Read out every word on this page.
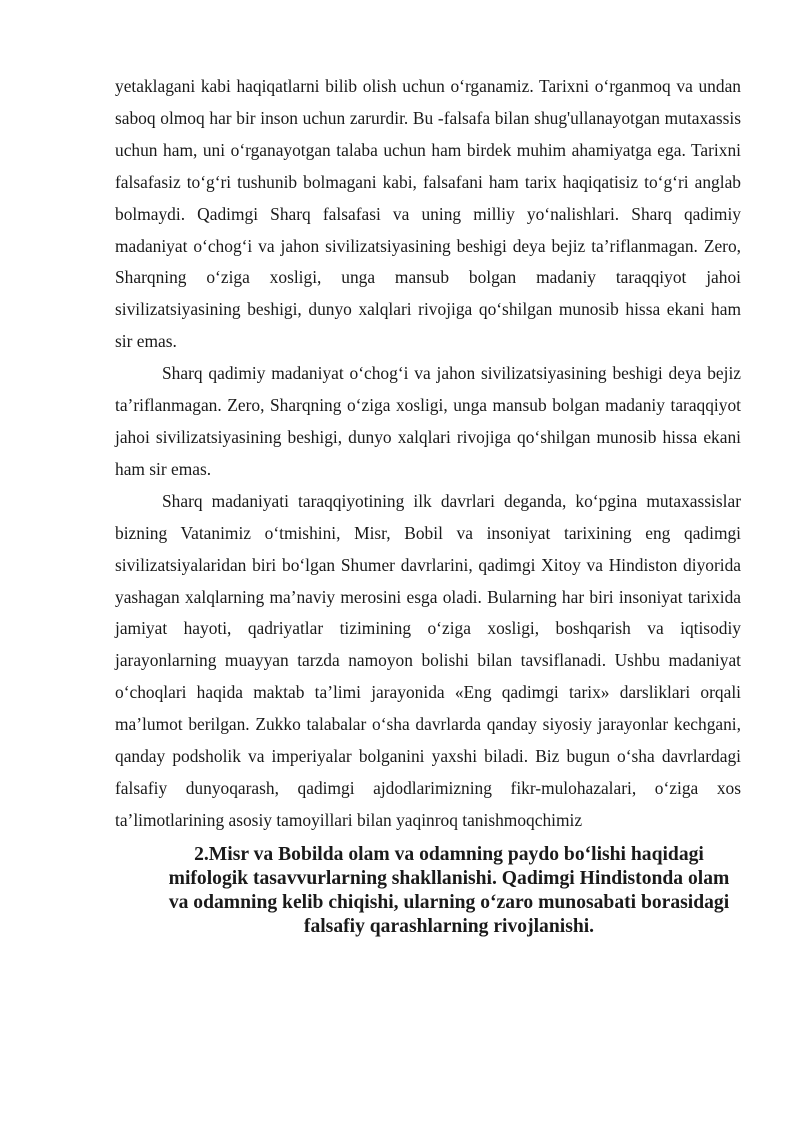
yetaklagani kabi haqiqatlarni bilib olish uchun o‘rganamiz. Tarixni o‘rganmoq va undan saboq olmoq har bir inson uchun zarurdir. Bu -falsafa bilan shug'ullanayotgan mutaxassis uchun ham, uni o‘rganayotgan talaba uchun ham birdek muhim ahamiyatga ega. Tarixni falsafasiz to‘g‘ri tushunib bolmagani kabi, falsafani ham tarix haqiqatisiz to‘g‘ri anglab bolmaydi. Qadimgi Sharq falsafasi va uning milliy yo‘nalishlari. Sharq qadimiy madaniyat o‘chog‘i va jahon sivilizatsiyasining beshigi deya bejiz ta’riflanmagan. Zero, Sharqning o‘ziga xosligi, unga mansub bolgan madaniy taraqqiyot jahoi sivilizatsiyasining beshigi, dunyo xalqlari rivojiga qo‘shilgan munosib hissa ekani ham sir emas.

Sharq qadimiy madaniyat o‘chog‘i va jahon sivilizatsiyasining beshigi deya bejiz ta’riflanmagan. Zero, Sharqning o‘ziga xosligi, unga mansub bolgan madaniy taraqqiyot jahoi sivilizatsiyasining beshigi, dunyo xalqlari rivojiga qo‘shilgan munosib hissa ekani ham sir emas.

Sharq madaniyati taraqqiyotining ilk davrlari deganda, ko‘pgina mutaxassislar bizning Vatanimiz o‘tmishini, Misr, Bobil va insoniyat tarixining eng qadimgi sivilizatsiyalaridan biri bo‘lgan Shumer davrlarini, qadimgi Xitoy va Hindiston diyorida yashagan xalqlarning ma’naviy merosini esga oladi. Bularning har biri insoniyat tarixida jamiyat hayoti, qadriyatlar tizimining o‘ziga xosligi, boshqarish va iqtisodiy jarayonlarning muayyan tarzda namoyon bolishi bilan tavsiflanadi. Ushbu madaniyat o‘choqlari haqida maktab ta’limi jarayonida «Eng qadimgi tarix» darsliklari orqali ma’lumot berilgan. Zukko talabalar o‘sha davrlarda qanday siyosiy jarayonlar kechgani, qanday podsholik va imperiyalar bolganini yaxshi biladi. Biz bugun o‘sha davrlardagi falsafiy dunyoqarash, qadimgi ajdodlarimizning fikr-mulohazalari, o‘ziga xos ta’limotlarining asosiy tamoyillari bilan yaqinroq tanishmoqchimiz

2.Misr va Bobilda olam va odamning paydo bo‘lishi haqidagi mifologik tasavvurlarning shakllanishi. Qadimgi Hindistonda olam va odamning kelib chiqishi, ularning o‘zaro munosabati borasidagi falsafiy qarashlarning rivojlanishi.
